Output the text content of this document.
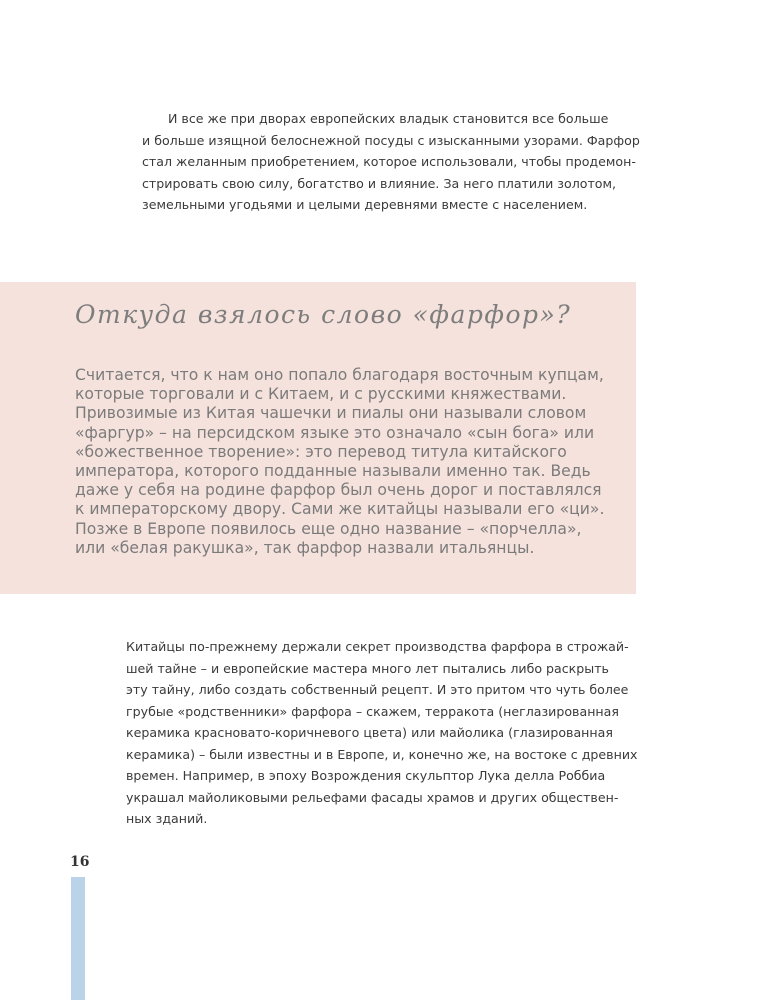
И все же при дворах европейских владык становится все больше
и больше изящной белоснежной посуды с изысканными узорами. Фарфор
стал желанным приобретением, которое использовали, чтобы продемон-
стрировать свою силу, богатство и влияние. За него платили золотом,
земельными угодьями и целыми деревнями вместе с населением.

Откуда взялось слово «фарфор»?

Считается, что к нам оно попало благодаря восточным купцам,
которые торговали и с Китаем, и с русскими княжествами.
Привозимые из Китая чашечки и пиалы они называли словом
«фаргур» – на персидском языке это означало «сын бога» или
«божественное творение»: это перевод титула китайского
императора, которого подданные называли именно так. Ведь
даже у себя на родине фарфор был очень дорог и поставлялся
к императорскому двору. Сами же китайцы называли его «ци».
Позже в Европе появилось еще одно название – «порчелла»,
или «белая ракушка», так фарфор назвали итальянцы.

Китайцы по-прежнему держали секрет производства фарфора в строжай-
шей тайне – и европейские мастера много лет пытались либо раскрыть
эту тайну, либо создать собственный рецепт. И это притом что чуть более
грубые «родственники» фарфора – скажем, терракота (неглазированная
керамика красновато-коричневого цвета) или майолика (глазированная
керамика) – были известны и в Европе, и, конечно же, на востоке с древних
времен. Например, в эпоху Возрождения скульптор Лука делла Роббиа
украшал майоликовыми рельефами фасады храмов и других обществен-
ных зданий.

16
